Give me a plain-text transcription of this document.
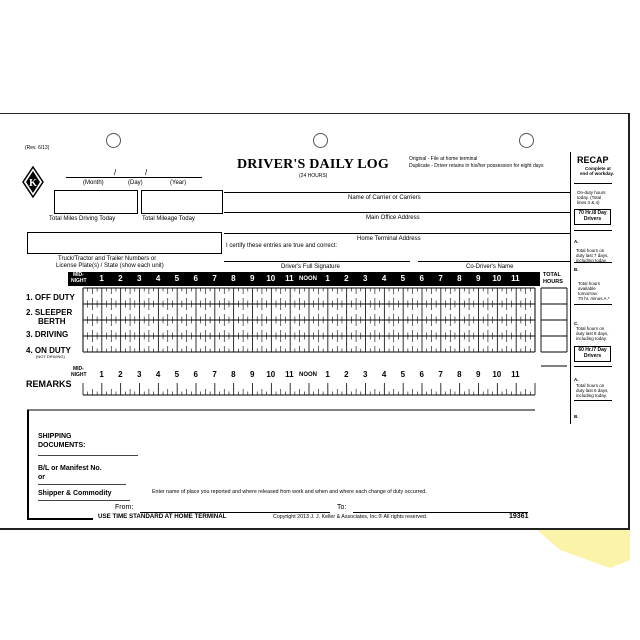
(Rev. 6/13)
K
/	/
(Month)	(Day)	(Year)
Total Miles Driving Today	Total Mileage Today
Truck/Tractor and Trailer Numbers or
License Plate(s) / State (show each unit)
DRIVER'S DAILY LOG
(24 HOURS)
Original - File at home terminal
Duplicate - Driver retains in his/her possession for eight days
Name of Carrier or Carriers
Main Office Address
Home Terminal Address
I certify these entries are true and correct:
Driver's Full Signature	Co-Driver's Name
MID-
NIGHT 1 2 3 4 5 6 7 8 9 10 11	1 2 3 4 5 6 7 8 9 10 11
NOON
TOTAL
HOURS
1. OFF DUTY
2. SLEEPER
BERTH
3. DRIVING
4. ON DUTY
(NOT DRIVING)
MID-
NIGHT 1 2 3 4 5 6 7 8 9 10 11	1 2 3 4 5 6 7 8 9 10 11
NOON
REMARKS
RECAP
Complete at
end of workday.
On-duty hours
today. (Total
lines 3 & 4)
70 Hr./8 Day
Drivers
A.
Total hours on
duty last 7 days,
including today.
B.
Total hours
available
tomorrow.
70 hr. minus A.*
C.
Total hours on
duty last 8 days,
including today.
60 Hr./7 Day
Drivers
A.
Total hours on
duty last 6 days,
including today.
B.
SHIPPING
DOCUMENTS:
B/L or Manifest No.
or
Shipper & Commodity	Enter name of place you reported and where released from work and when and where each change of duty occurred.
From:	To:
USE TIME STANDARD AT HOME TERMINAL	Copyright 2013 J. J. Keller & Associates, Inc.® All rights reserved.	19361
